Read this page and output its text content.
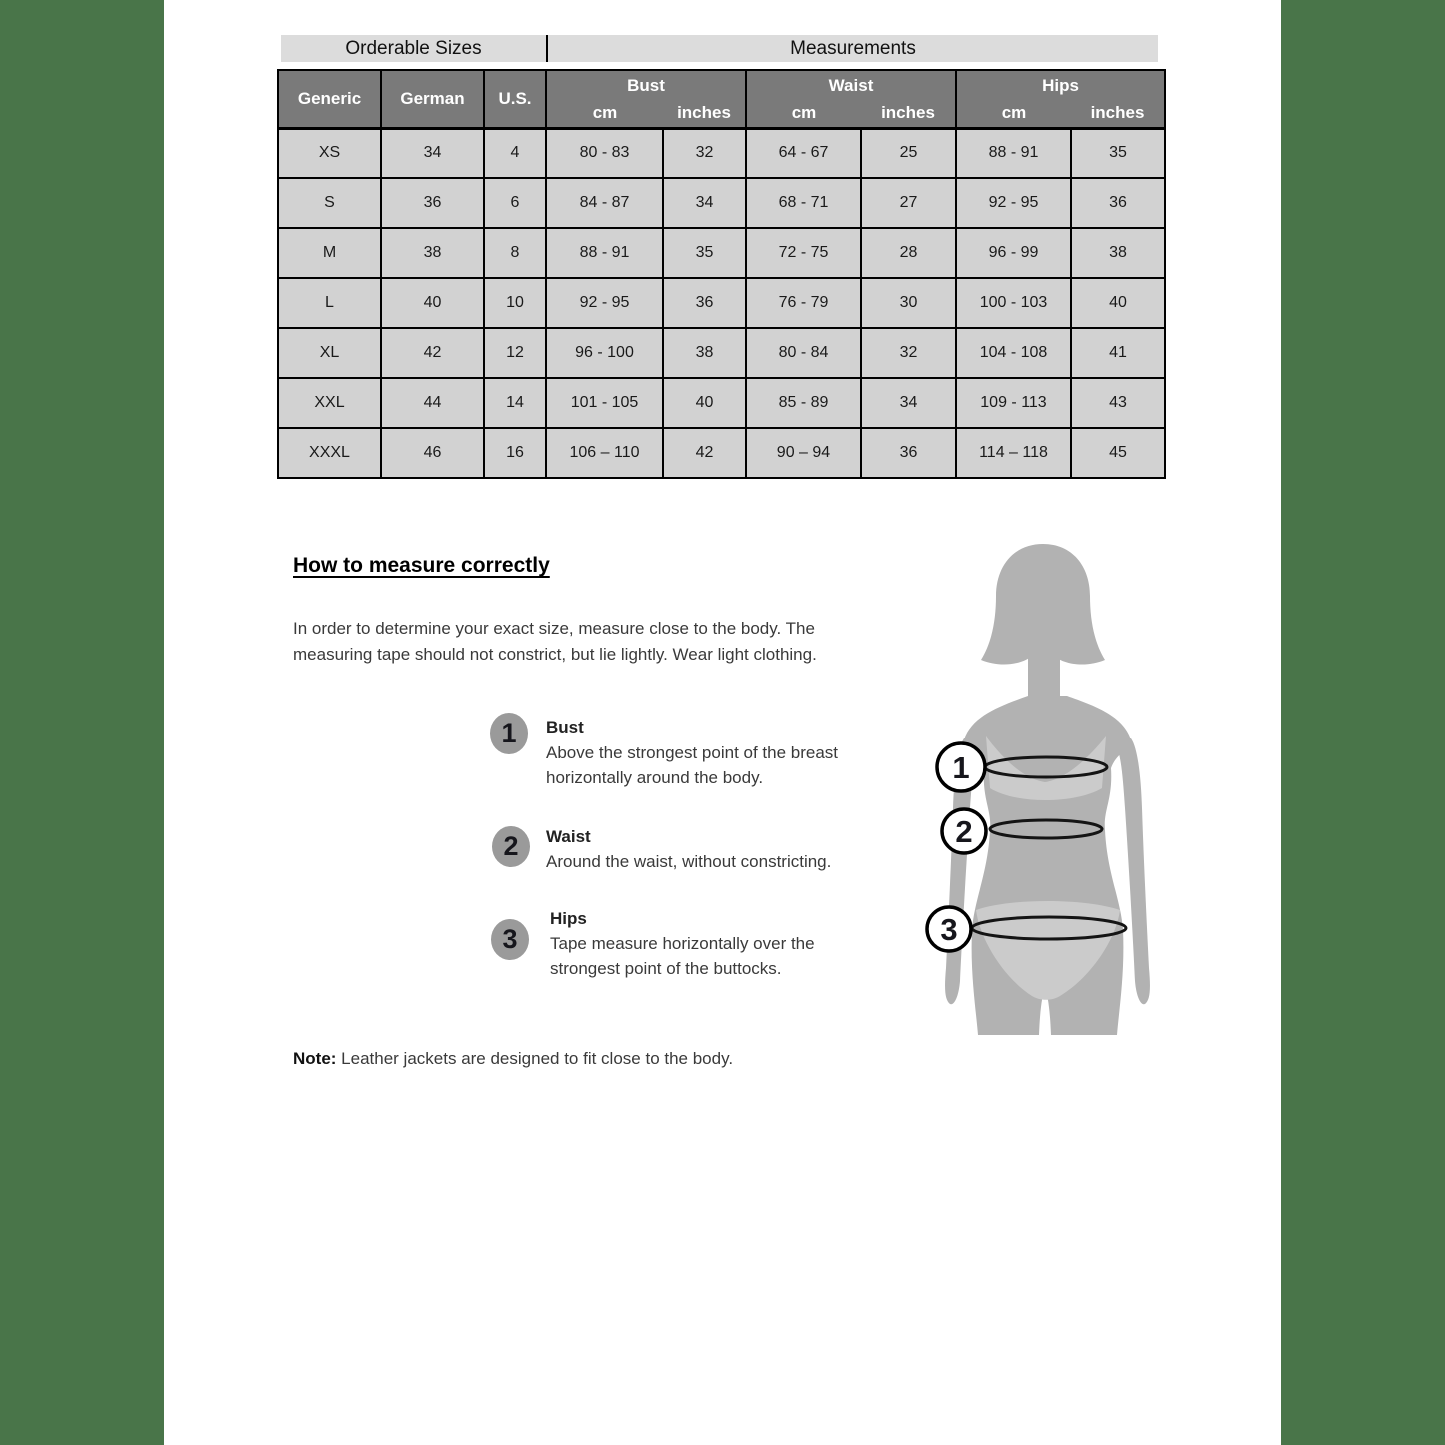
Orderable Sizes	Measurements
Generic	German	U.S.	Bust		Waist		Hips	
			cm	inches	cm	inches	cm	inches
XS	34	4	80 - 83	32	64 - 67	25	88 - 91	35
S	36	6	84 - 87	34	68 - 71	27	92 - 95	36
M	38	8	88 - 91	35	72 - 75	28	96 - 99	38
L	40	10	92 - 95	36	76 - 79	30	100 - 103	40
XL	42	12	96 - 100	38	80 - 84	32	104 - 108	41
XXL	44	14	101 - 105	40	85 - 89	34	109 - 113	43
XXXL	46	16	106 – 110	42	90 – 94	36	114 – 118	45
How to measure correctly

In order to determine your exact size, measure close to the body. The measuring tape should not constrict, but lie lightly. Wear light clothing.

1	Bust

Above the strongest point of the breast horizontally around the body.

2	Waist

Around the waist, without constricting.

3

Hips

Tape measure horizontally over the strongest point of the buttocks.

Note: Leather jackets are designed to fit close to the body.
1
2
3
